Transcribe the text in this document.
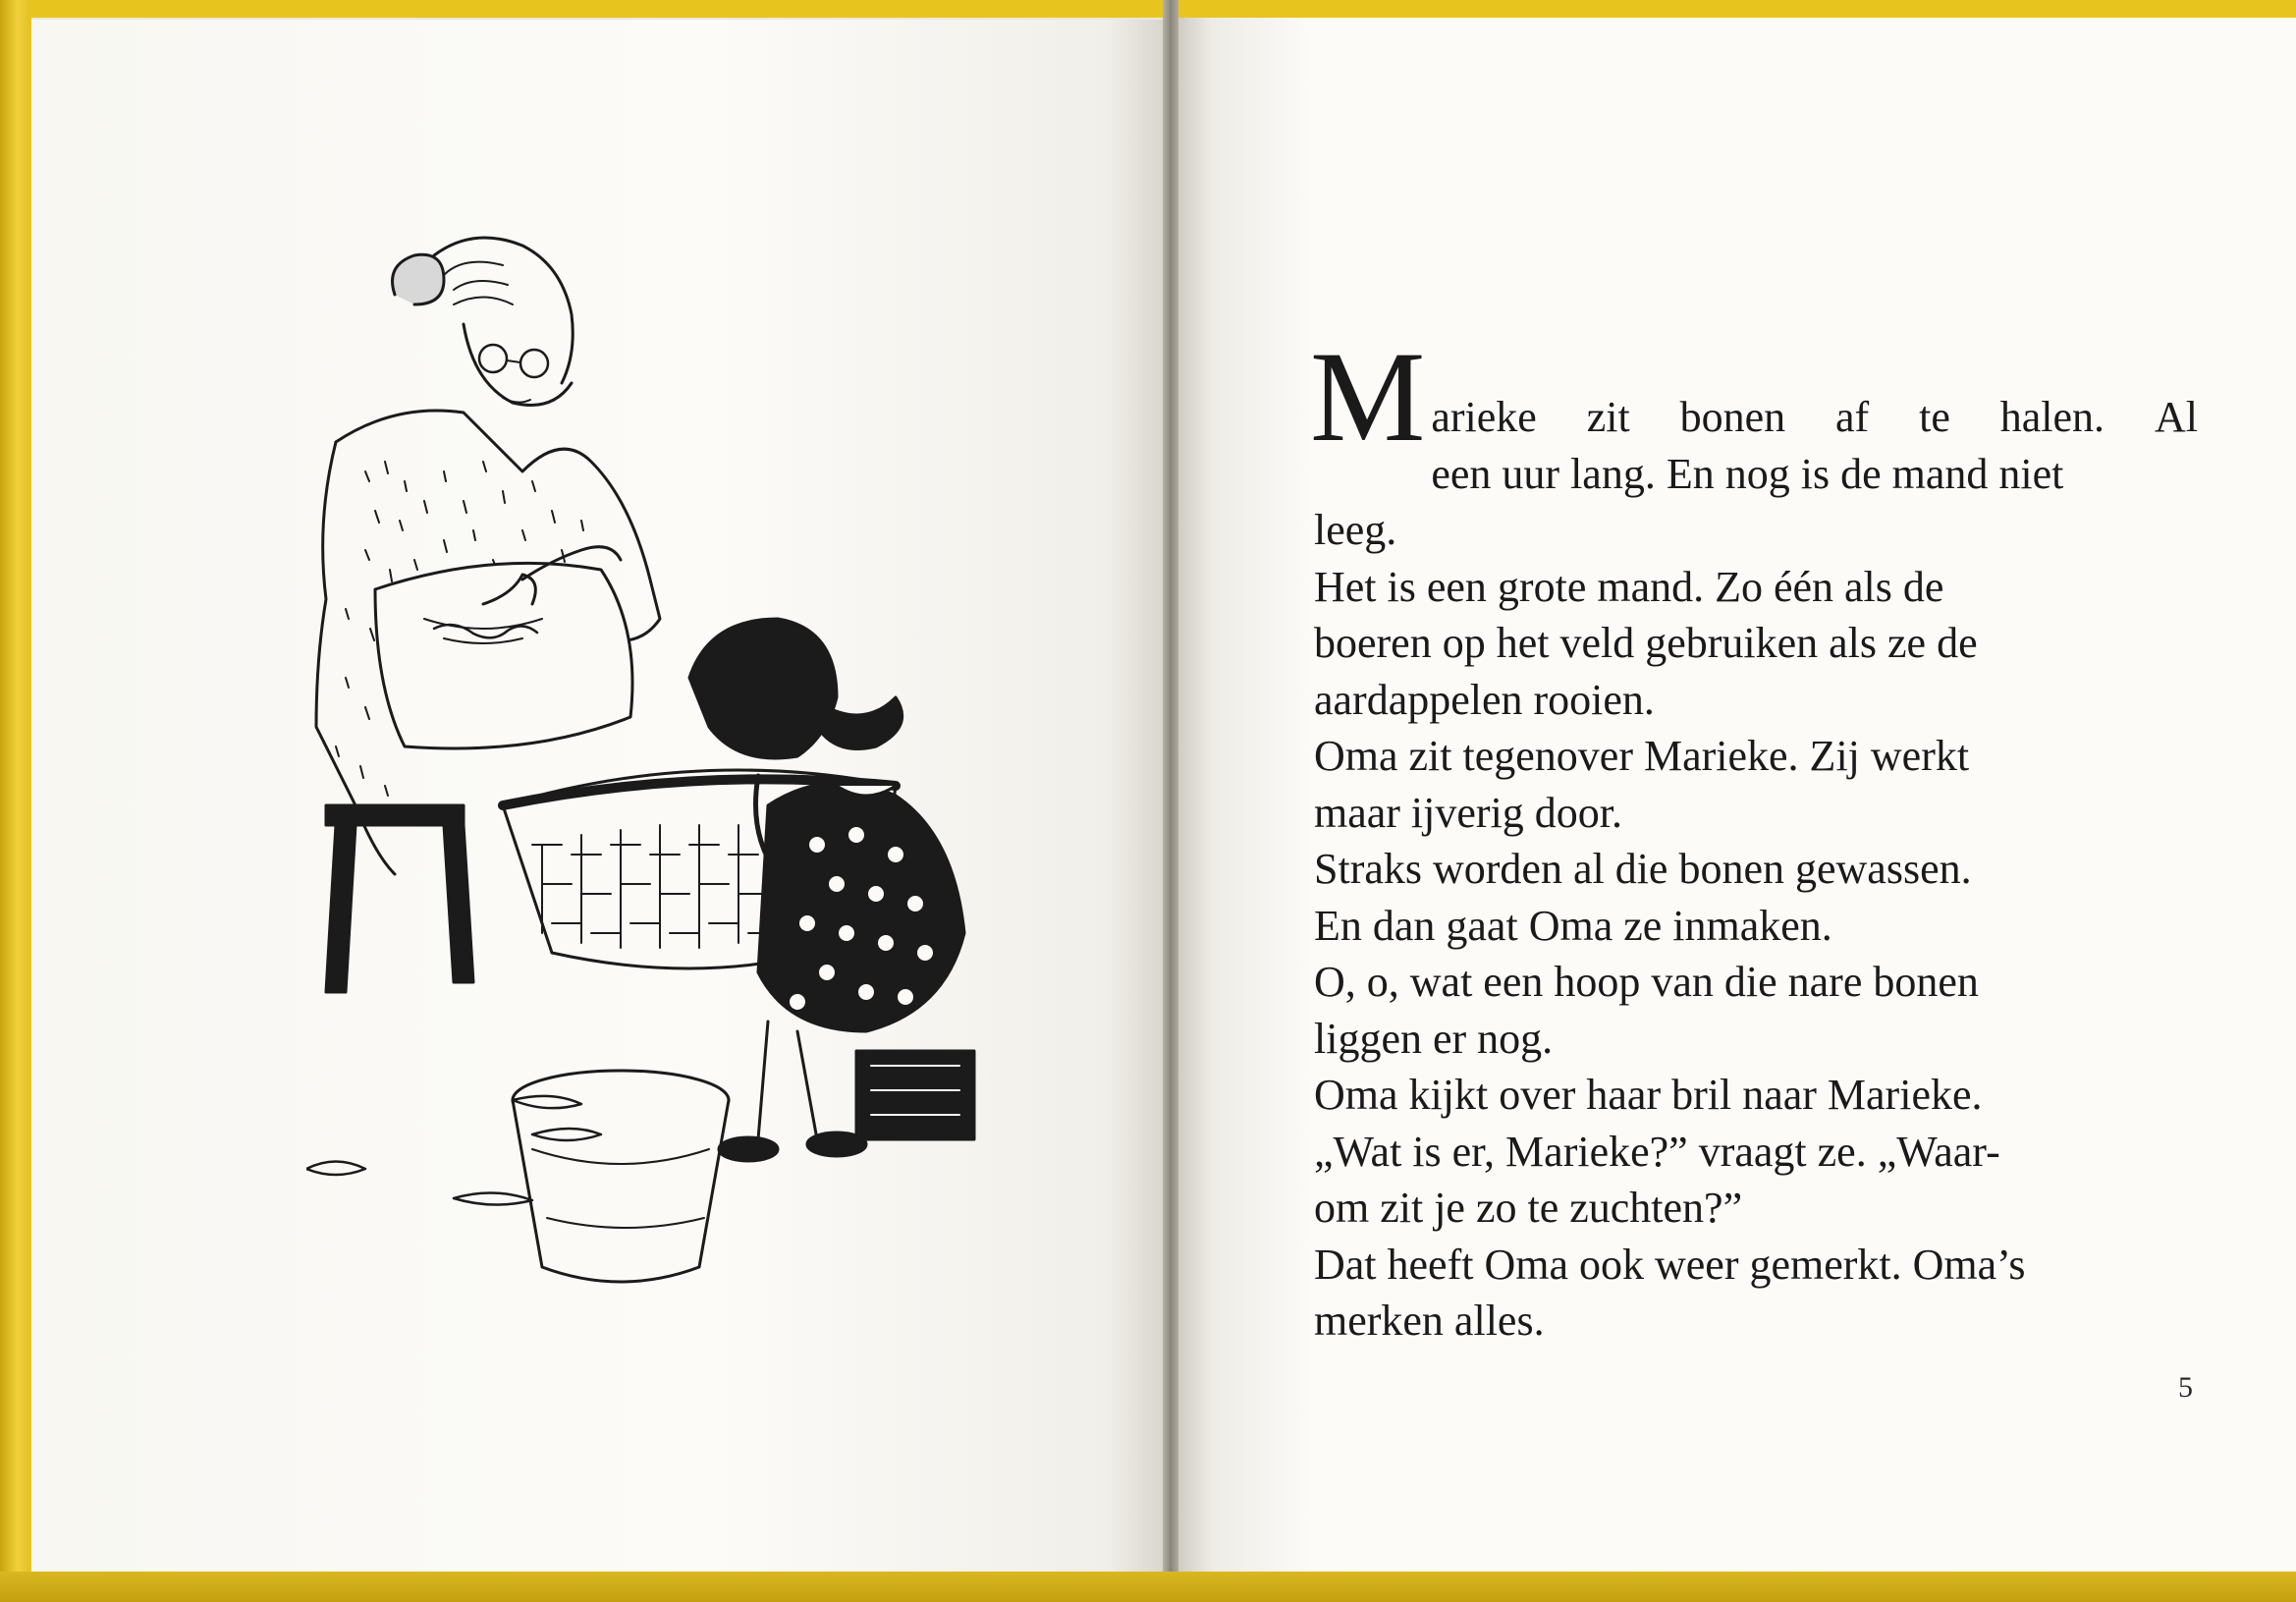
M arieke zit bonen af te halen. Al
een uur lang. En nog is de mand niet
leeg.
Het is een grote mand. Zo één als de
boeren op het veld gebruiken als ze de
aardappelen rooien.
Oma zit tegenover Marieke. Zij werkt
maar ijverig door.
Straks worden al die bonen gewassen.
En dan gaat Oma ze inmaken.
O, o, wat een hoop van die nare bonen
liggen er nog.
Oma kijkt over haar bril naar Marieke.
„Wat is er, Marieke?” vraagt ze. „Waar-
om zit je zo te zuchten?”
Dat heeft Oma ook weer gemerkt. Oma’s
merken alles.
5
